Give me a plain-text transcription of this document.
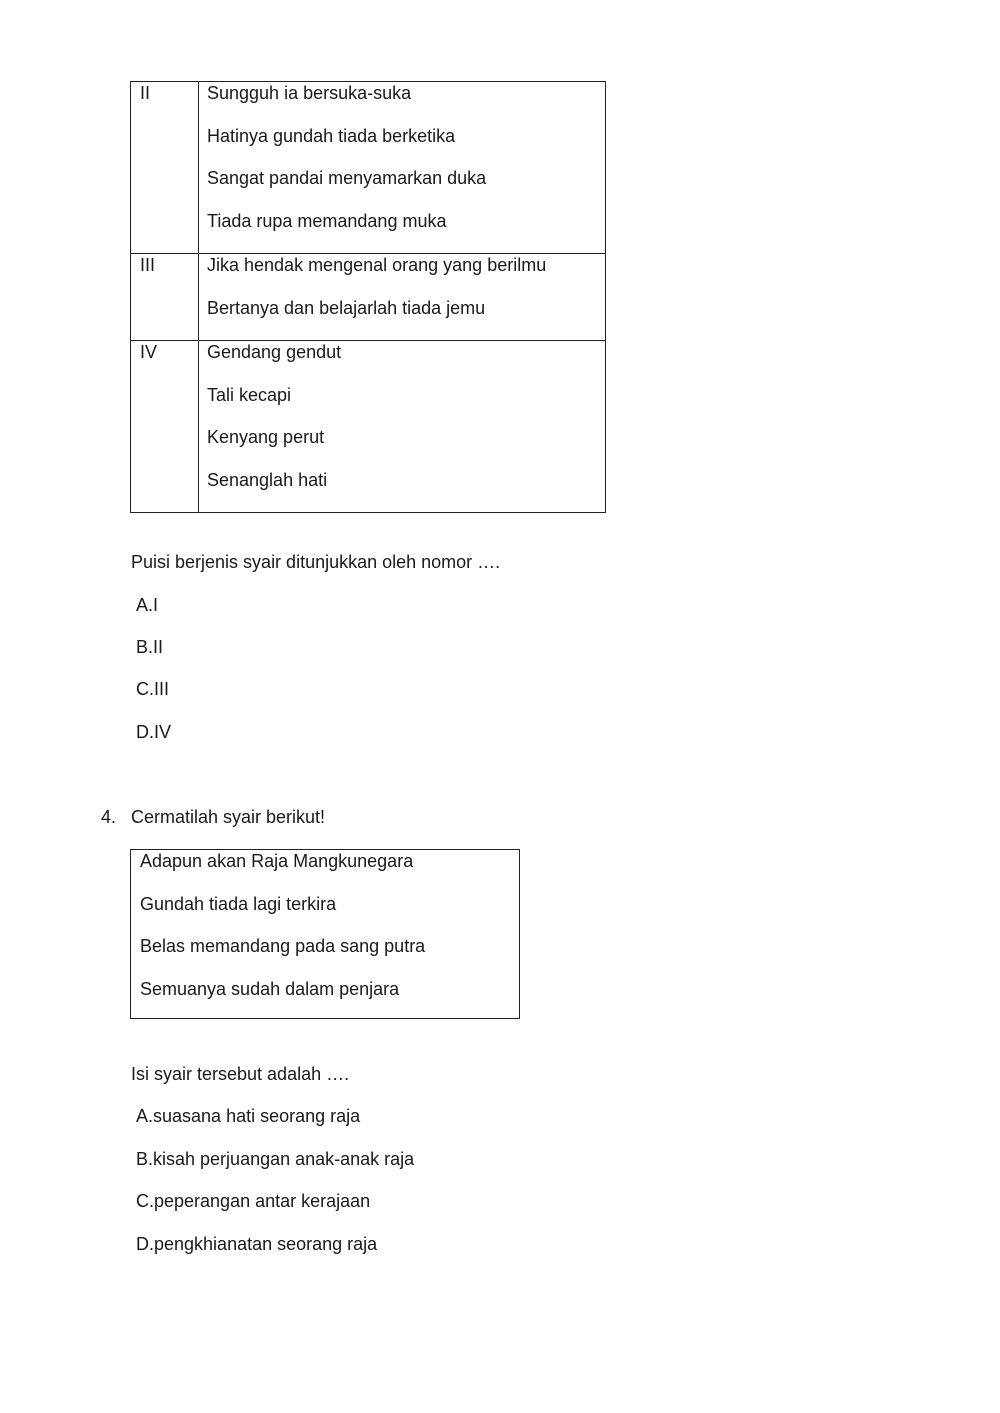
II	Sungguh ia bersuka-suka
Hatinya gundah tiada berketika
Sangat pandai menyamarkan duka
Tiada rupa memandang muka

III	Jika hendak mengenal orang yang berilmu
Bertanya dan belajarlah tiada jemu

IV	Gendang gendut
Tali kecapi
Kenyang perut
Senanglah hati
Puisi berjenis syair ditunjukkan oleh nomor ….
A.I
B.II
C.III
D.IV
4. Cermatilah syair berikut!
Adapun akan Raja Mangkunegara
Gundah tiada lagi terkira
Belas memandang pada sang putra
Semuanya sudah dalam penjara
Isi syair tersebut adalah ….
A.suasana hati seorang raja
B.kisah perjuangan anak-anak raja
C.peperangan antar kerajaan
D.pengkhianatan seorang raja
